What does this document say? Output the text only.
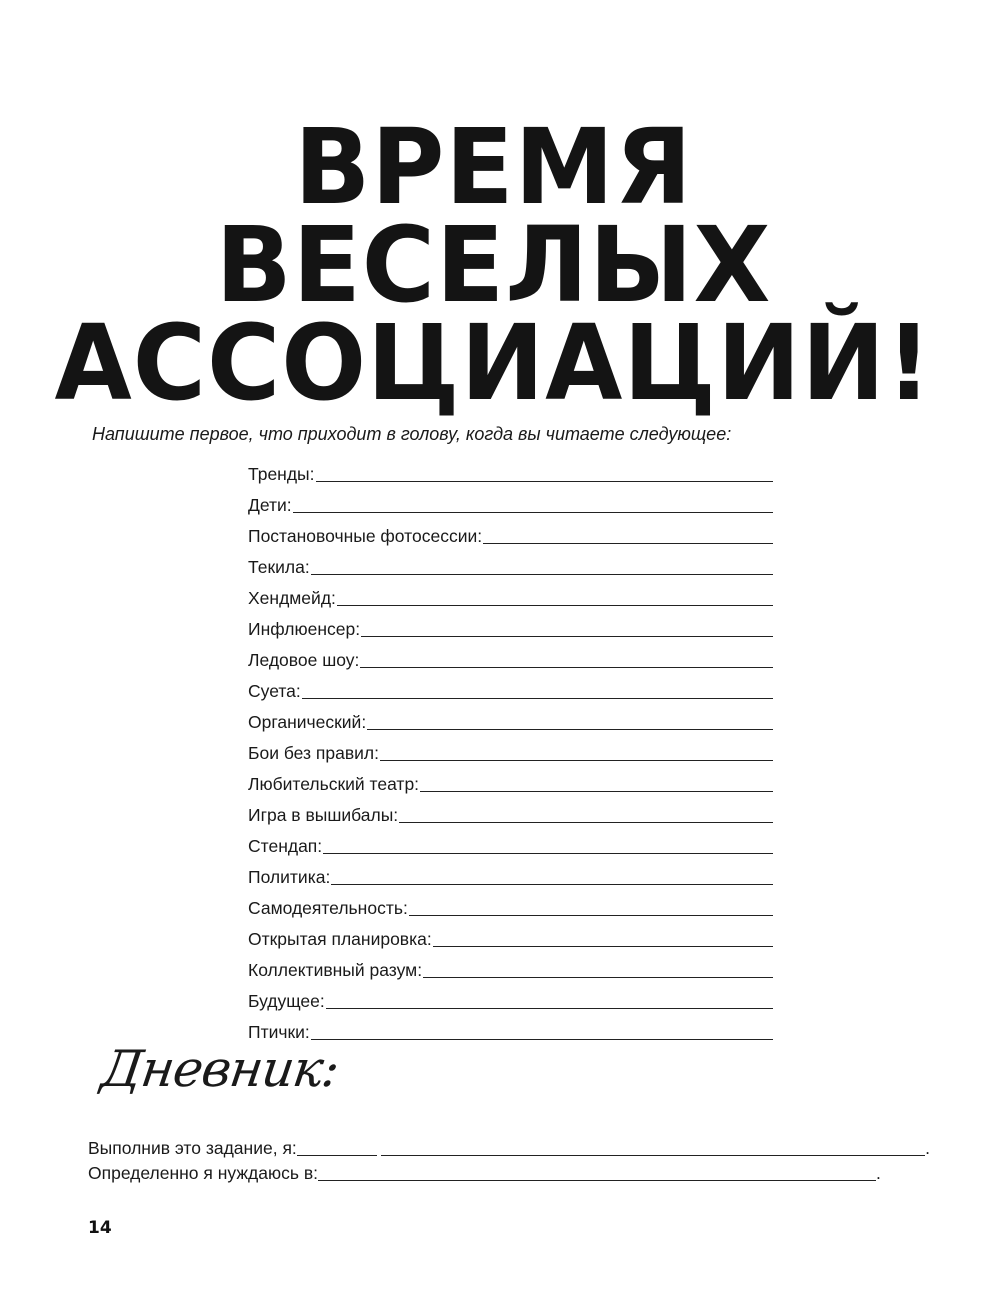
ВРЕМЯ
ВЕСЕЛЫХ
АССОЦИАЦИЙ!
Напишите первое, что приходит в голову, когда вы читаете следующее:
Тренды:
Дети:
Постановочные фотосессии:
Текила:
Хендмейд:
Инфлюенсер:
Ледовое шоу:
Суета:
Органический:
Бои без правил:
Любительский театр:
Игра в вышибалы:
Стендап:
Политика:
Самодеятельность:
Открытая планировка:
Коллективный разум:
Будущее:
Птички:
Дневник:
Выполнив это задание, я:	.
Определенно я нуждаюсь в:	.
14
